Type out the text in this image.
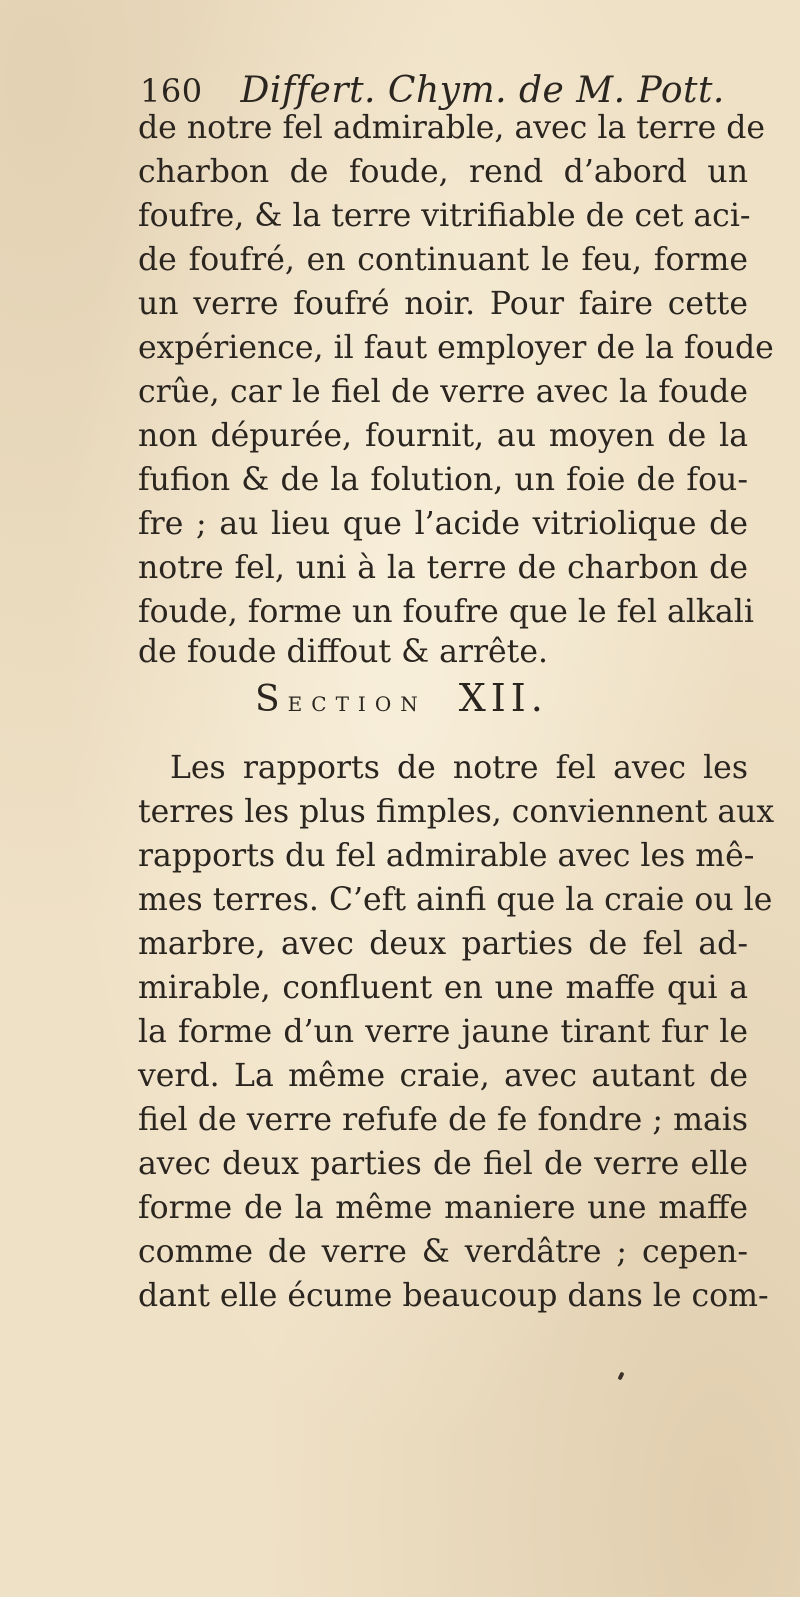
160 Differt. Chym. de M. Pott.
de notre fel admirable, avec la terre de
charbon de foude, rend d’abord un
foufre, & la terre vitrifiable de cet aci-
de foufré, en continuant le feu, forme
un verre foufré noir. Pour faire cette
expérience, il faut employer de la foude
crûe, car le fiel de verre avec la foude
non dépurée, fournit, au moyen de la
fufion & de la folution, un foie de fou-
fre ; au lieu que l’acide vitriolique de
notre fel, uni à la terre de charbon de
foude, forme un foufre que le fel alkali
de foude diffout & arrête.
SECTION XII.
Les rapports de notre fel avec les
terres les plus fimples, conviennent aux
rapports du fel admirable avec les mê-
mes terres. C’eft ainfi que la craie ou le
marbre, avec deux parties de fel ad-
mirable, confluent en une maffe qui a
la forme d’un verre jaune tirant fur le
verd. La même craie, avec autant de
fiel de verre refufe de fe fondre ; mais
avec deux parties de fiel de verre elle
forme de la même maniere une maffe
comme de verre & verdâtre ; cepen-
dant elle écume beaucoup dans le com-
